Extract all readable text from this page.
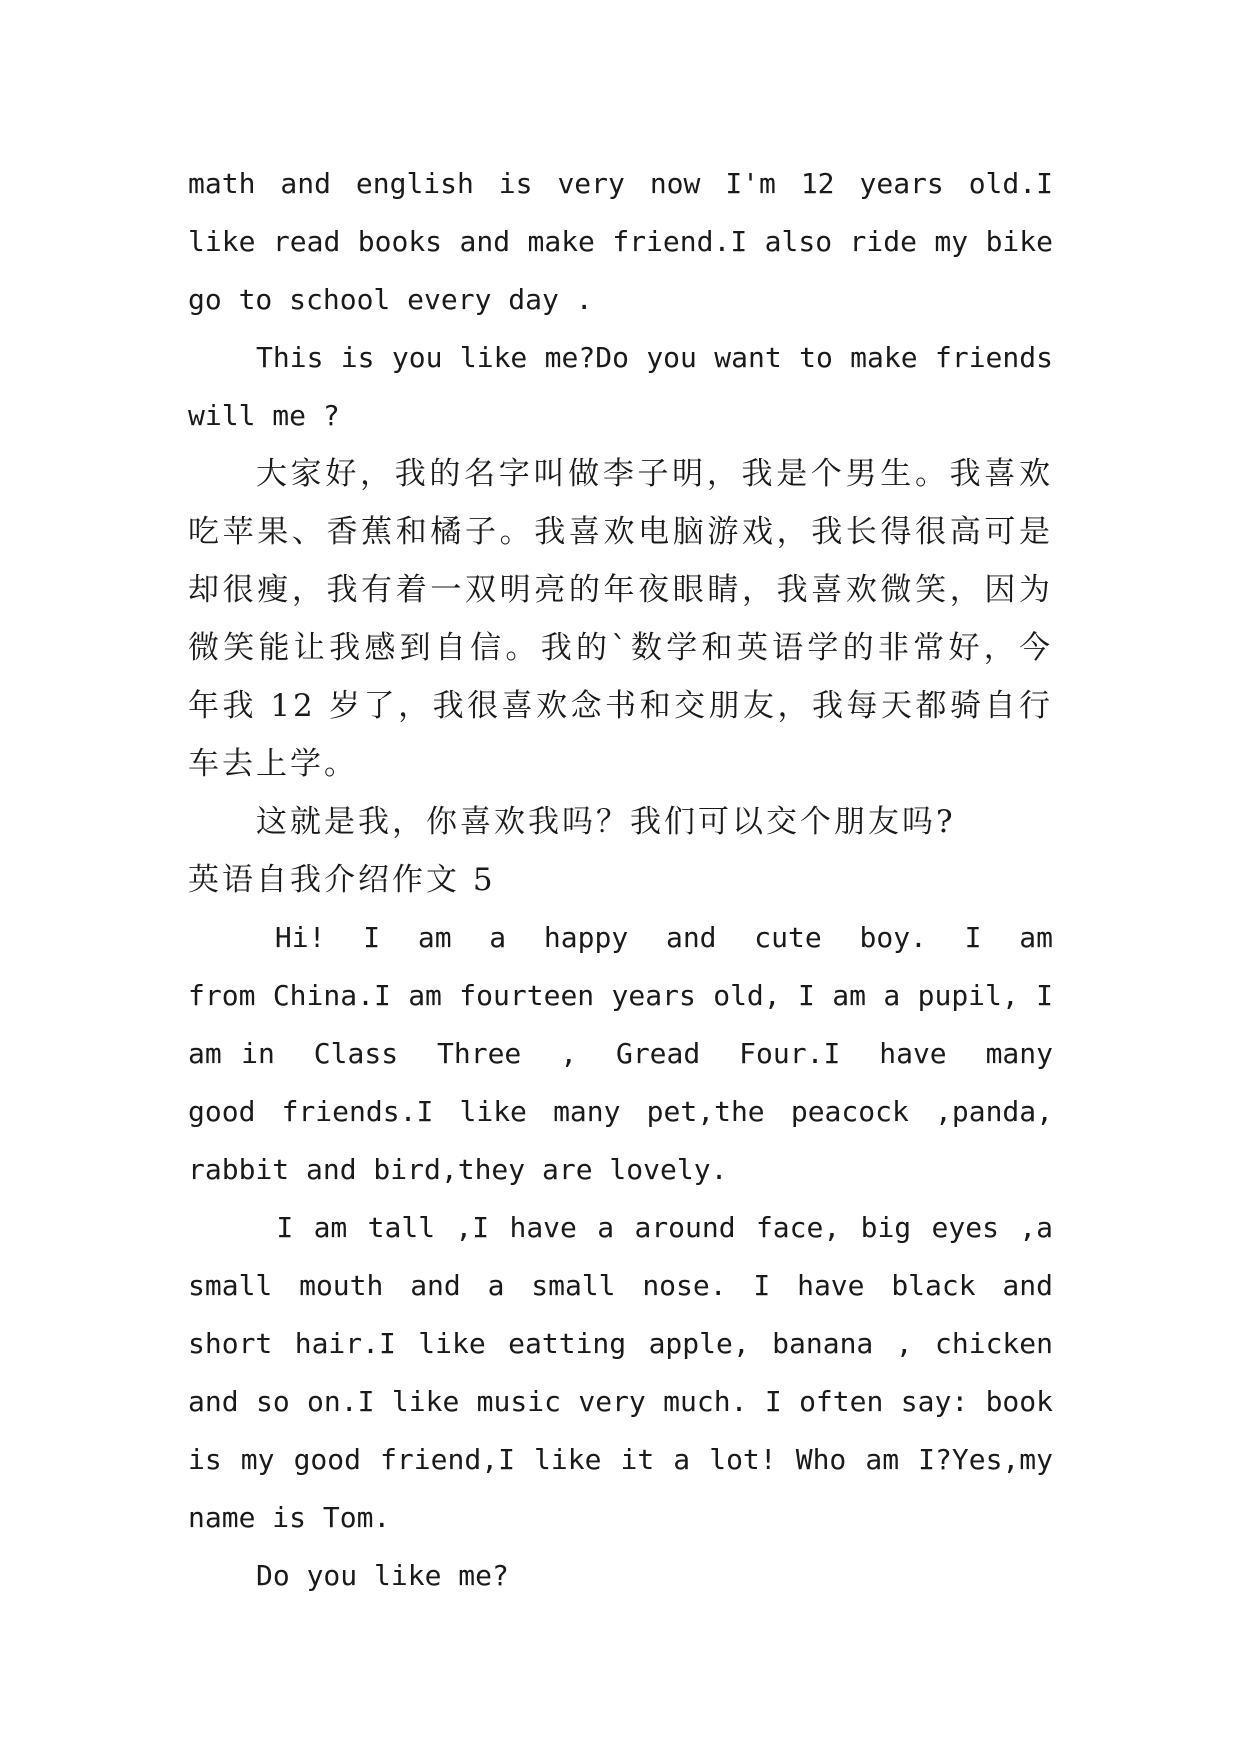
math and english is very now I'm 12 years old.I like read books and make friend.I also ride my bike go to school every day .

This is you like me?Do you want to make friends will me ?

大家好，我的名字叫做李子明，我是个男生。我喜欢吃苹果、香蕉和橘子。我喜欢电脑游戏，我长得很高可是却很瘦，我有着一双明亮的年夜眼睛，我喜欢微笑，因为微笑能让我感到自信。我的`数学和英语学的非常好，今年我 12 岁了，我很喜欢念书和交朋友，我每天都骑自行车去上学。

这就是我，你喜欢我吗？我们可以交个朋友吗?

英语自我介绍作文 5

Hi!  I  am  a  happy  and  cute  boy.  I  am  from China.I am fourteen years old, I am a pupil, I am in  Class  Three  ,  Gread  Four.I  have  many  good friends.I like many pet,the peacock ,panda,  rabbit and bird,they are lovely.

I am tall ,I have a around face, big eyes ,a small mouth and a small nose. I have black and short hair.I like eatting apple, banana , chicken and so on.I like music very much. I often say: book is my good friend,I like it a lot! Who am I?Yes,my name is Tom.

Do you like me?
